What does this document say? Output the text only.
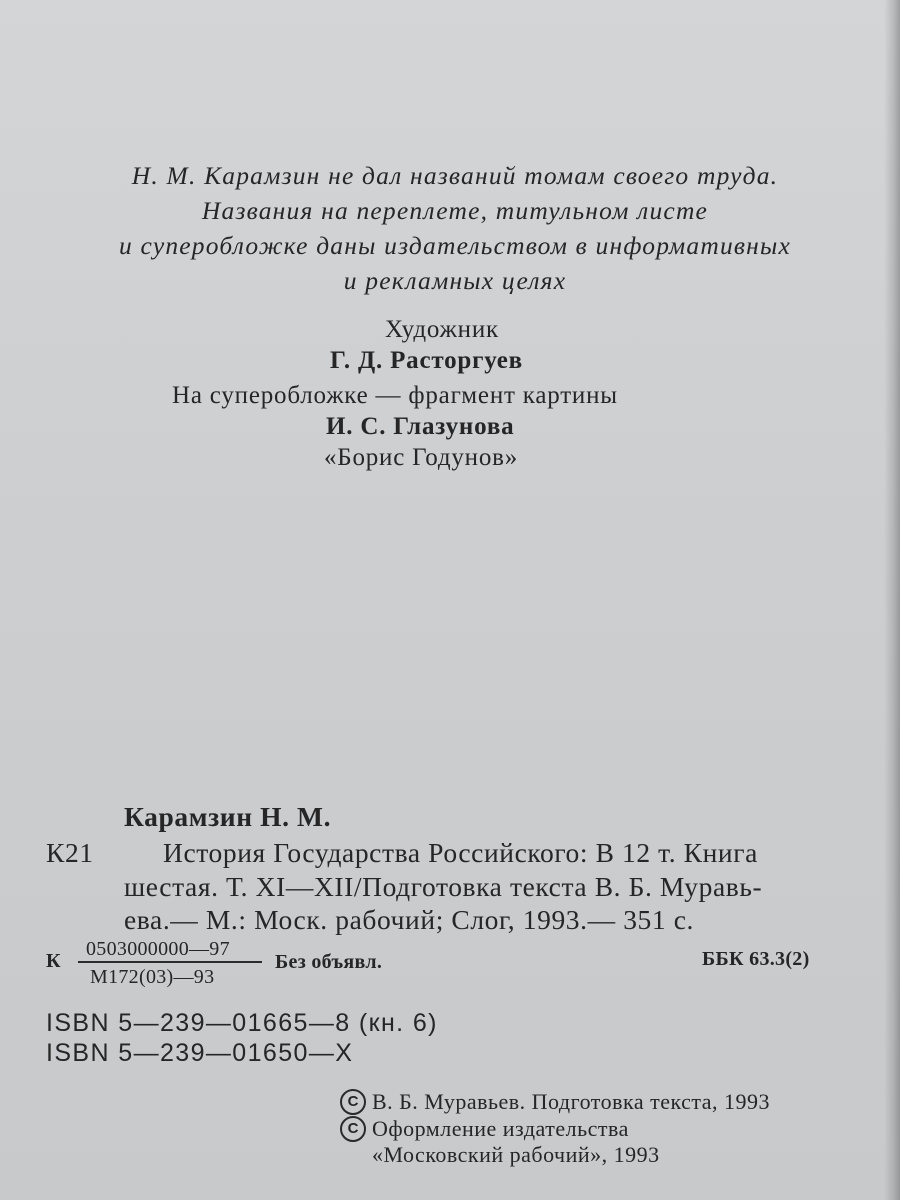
Н. М. Карамзин не дал названий томам своего труда.
Названия на переплете, титульном листе
и суперобложке даны издательством в информативных
и рекламных целях
Художник
Г. Д. Расторгуев
На суперобложке — фрагмент картины
И. С. Глазунова
«Борис Годунов»
Карамзин Н. М.
К21	История Государства Российского: В 12 т. Книга
шестая. Т. XI—XII/Подготовка текста В. Б. Муравь-
ева.— М.: Моск. рабочий; Слог, 1993.— 351 с.
К
0503000000—97
М172(03)—93
Без объявл.	ББК 63.3(2)
ISBN 5—239—01665—8 (кн. 6)
ISBN 5—239—01650—X
C В. Б. Муравьев. Подготовка текста, 1993
C Оформление издательства
«Московский рабочий», 1993
